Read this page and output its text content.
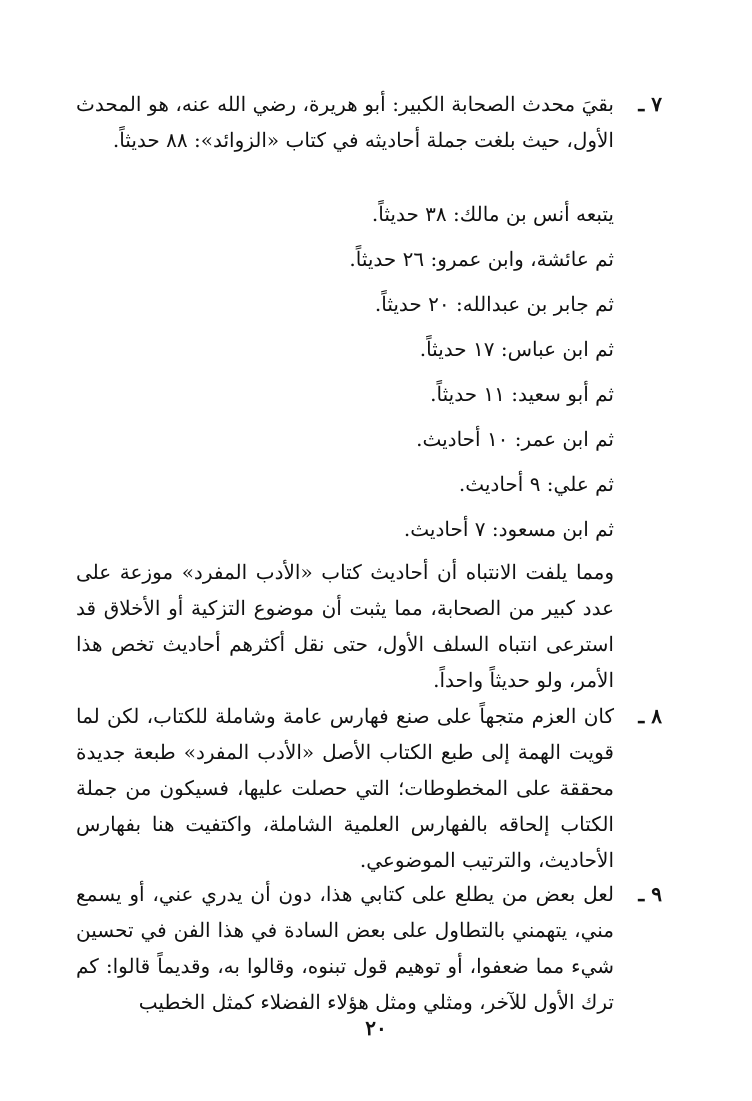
٧ ـ
بقيَ محدث الصحابة الكبير: أبو هريرة، رضي الله عنه، هو المحدث الأول، حيث بلغت جملة أحاديثه في كتاب «الزوائد»: ٨٨ حديثاً.
يتبعه أنس بن مالك: ٣٨ حديثاً.
ثم عائشة، وابن عمرو: ٢٦ حديثاً.
ثم جابر بن عبدالله: ٢٠ حديثاً.
ثم ابن عباس: ١٧ حديثاً.
ثم أبو سعيد: ١١ حديثاً.
ثم ابن عمر: ١٠ أحاديث.
ثم علي: ٩ أحاديث.
ثم ابن مسعود: ٧ أحاديث.
ومما يلفت الانتباه أن أحاديث كتاب «الأدب المفرد» موزعة على عدد كبير من الصحابة، مما يثبت أن موضوع التزكية أو الأخلاق قد استرعى انتباه السلف الأول، حتى نقل أكثرهم أحاديث تخص هذا الأمر، ولو حديثاً واحداً.
٨ ـ
كان العزم متجهاً على صنع فهارس عامة وشاملة للكتاب، لكن لما قويت الهمة إلى طبع الكتاب الأصل «الأدب المفرد» طبعة جديدة محققة على المخطوطات؛ التي حصلت عليها، فسيكون من جملة الكتاب إلحاقه بالفهارس العلمية الشاملة، واكتفيت هنا بفهارس الأحاديث، والترتيب الموضوعي.
٩ ـ
لعل بعض من يطلع على كتابي هذا، دون أن يدري عني، أو يسمع مني، يتهمني بالتطاول على بعض السادة في هذا الفن في تحسين شيء مما ضعفوا، أو توهيم قول تبنوه، وقالوا به، وقديماً قالوا: كم ترك الأول للآخر، ومثلي ومثل هؤلاء الفضلاء كمثل الخطيب
٢٠
